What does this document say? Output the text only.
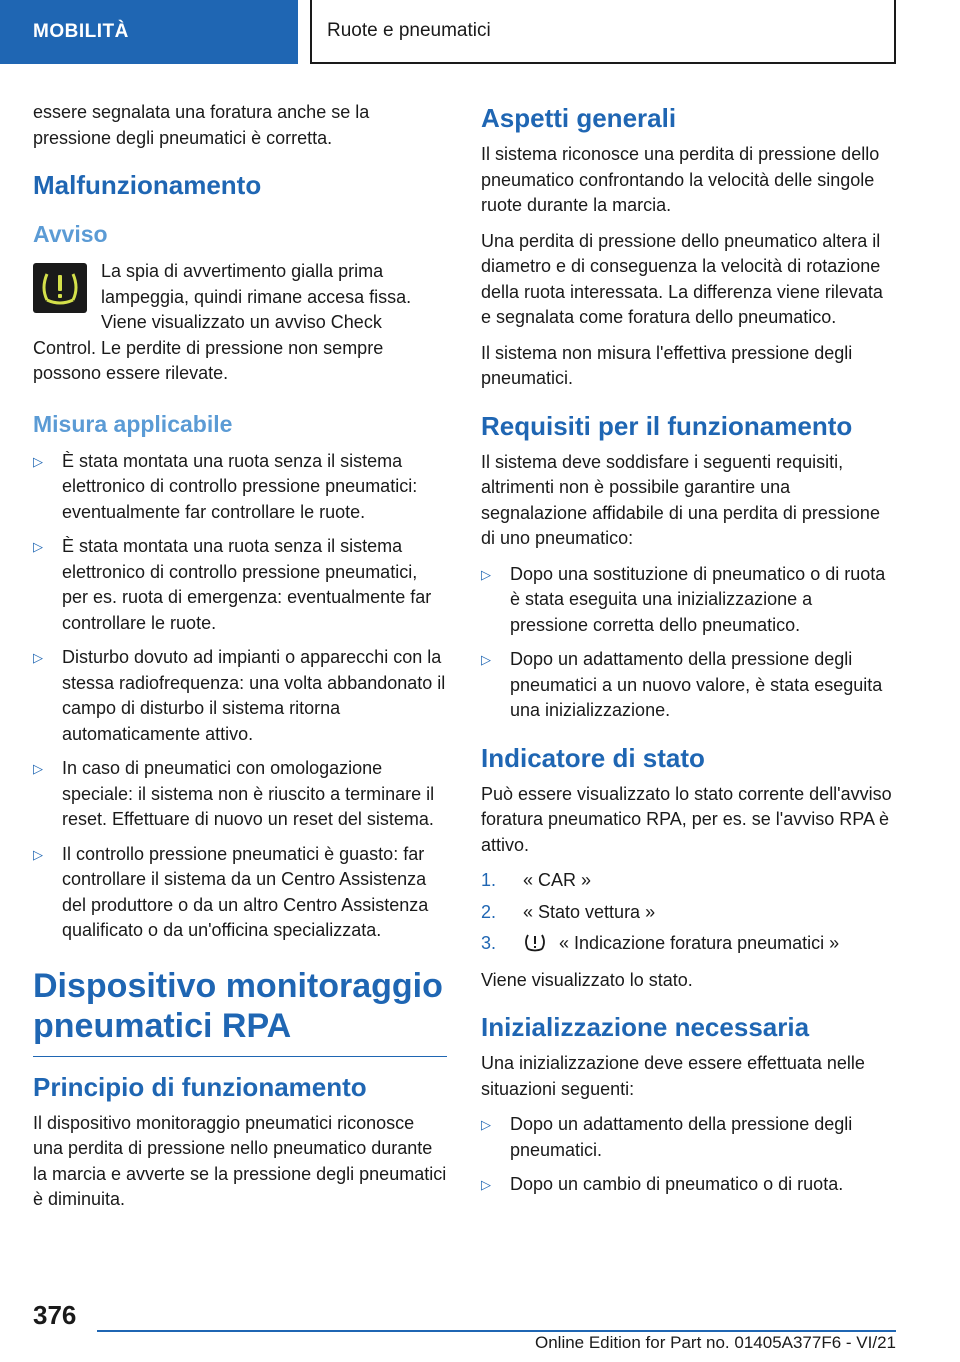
MOBILITÀ	Ruote e pneumatici

essere segnalata una foratura anche se la pressione degli pneumatici è corretta.

Malfunzionamento
Avviso

La spia di avvertimento gialla prima lampeggia, quindi rimane accesa fissa. Viene visualizzato un avviso Check Control. Le perdite di pressione non sempre possono essere rilevate.

Misura applicabile
▷ È stata montata una ruota senza il sistema elettronico di controllo pressione pneumatici: eventualmente far controllare le ruote.
▷ È stata montata una ruota senza il sistema elettronico di controllo pressione pneumatici, per es. ruota di emergenza: eventualmente far controllare le ruote.
▷ Disturbo dovuto ad impianti o apparecchi con la stessa radiofrequenza: una volta abbandonato il campo di disturbo il sistema ritorna automaticamente attivo.
▷ In caso di pneumatici con omologazione speciale: il sistema non è riuscito a terminare il reset. Effettuare di nuovo un reset del sistema.
▷ Il controllo pressione pneumatici è guasto: far controllare il sistema da un Centro Assistenza del produttore o da un altro Centro Assistenza qualificato o da un'officina specializzata.
Dispositivo monitoraggio pneumatici RPA
Principio di funzionamento

Il dispositivo monitoraggio pneumatici riconosce una perdita di pressione nello pneumatico durante la marcia e avverte se la pressione degli pneumatici è diminuita.

Aspetti generali

Il sistema riconosce una perdita di pressione dello pneumatico confrontando la velocità delle singole ruote durante la marcia.

Una perdita di pressione dello pneumatico altera il diametro e di conseguenza la velocità di rotazione della ruota interessata. La differenza viene rilevata e segnalata come foratura dello pneumatico.

Il sistema non misura l'effettiva pressione degli pneumatici.

Requisiti per il funzionamento

Il sistema deve soddisfare i seguenti requisiti, altrimenti non è possibile garantire una segnalazione affidabile di una perdita di pressione di uno pneumatico:

▷ Dopo una sostituzione di pneumatico o di ruota è stata eseguita una inizializzazione a pressione corretta dello pneumatico.
▷ Dopo un adattamento della pressione degli pneumatici a un nuovo valore, è stata eseguita una inizializzazione.
Indicatore di stato

Può essere visualizzato lo stato corrente dell'avviso foratura pneumatico RPA, per es. se l'avviso RPA è attivo.

1. « CAR »
2. « Stato vettura »
3.	« Indicazione foratura pneumatici »

Viene visualizzato lo stato.

Inizializzazione necessaria

Una inizializzazione deve essere effettuata nelle situazioni seguenti:

▷ Dopo un adattamento della pressione degli pneumatici.
▷ Dopo un cambio di pneumatico o di ruota.
376
Online Edition for Part no. 01405A377F6 - VI/21
